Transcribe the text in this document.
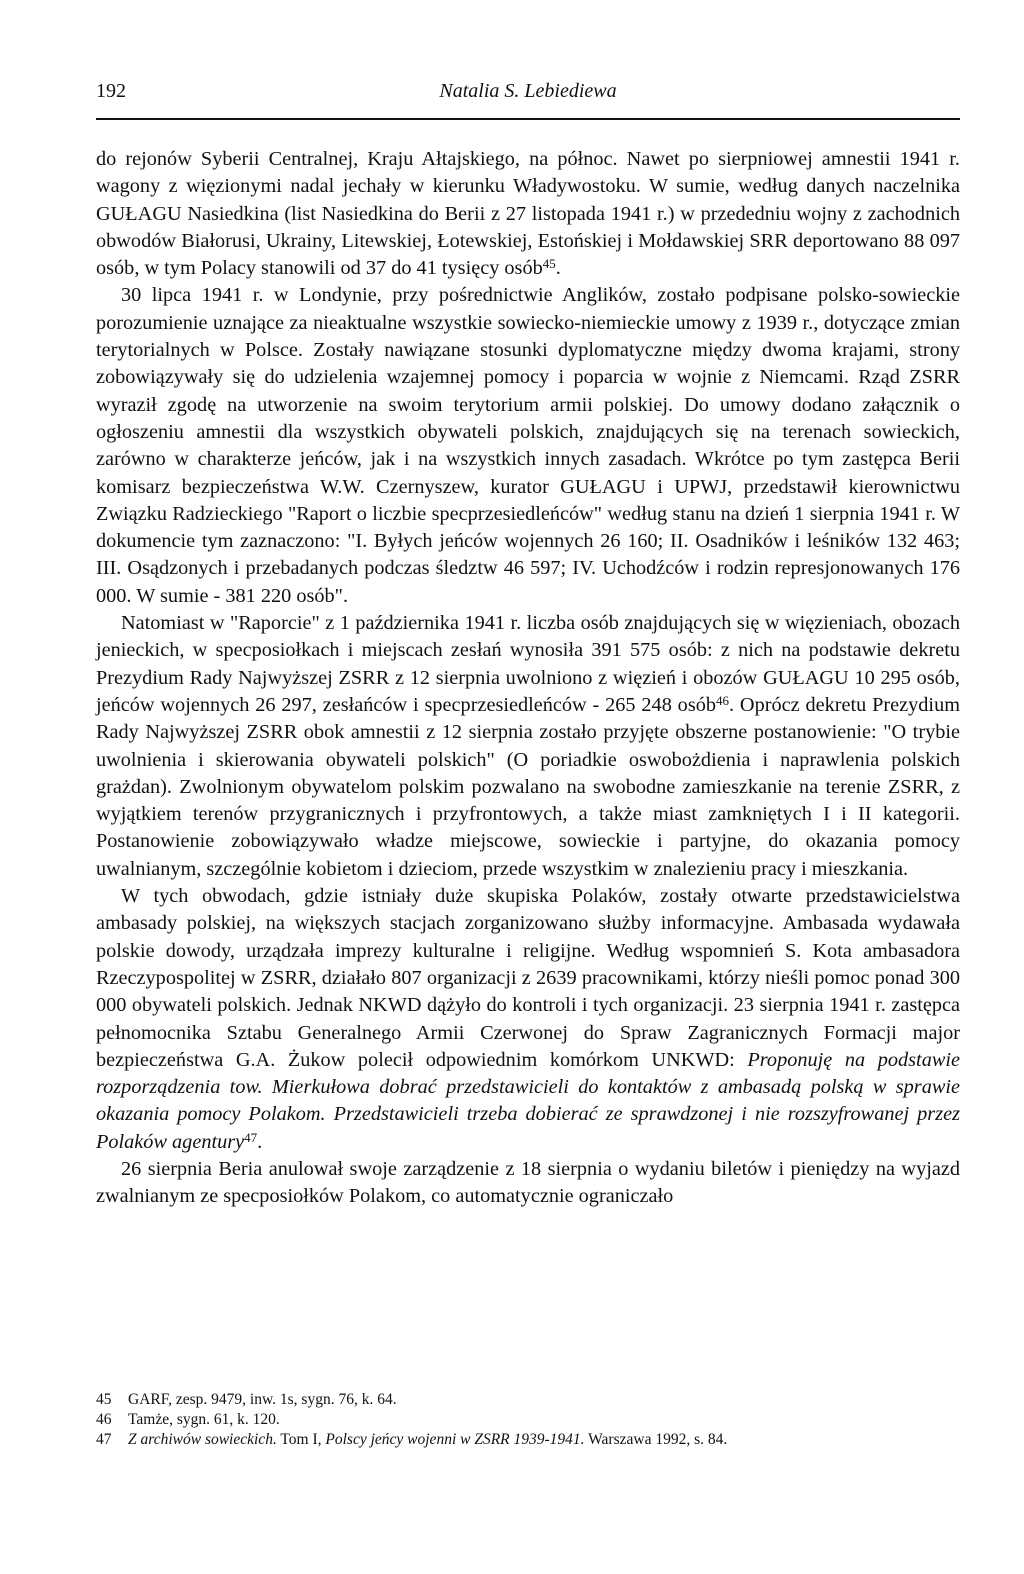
192	Natalia S. Lebiediewa

do rejonów Syberii Centralnej, Kraju Ałtajskiego, na północ. Nawet po sierpniowej amnestii 1941 r. wagony z więzionymi nadal jechały w kierunku Władywostoku. W sumie, według danych naczelnika GUŁAGU Nasiedkina (list Nasiedkina do Berii z 27 listopada 1941 r.) w przededniu wojny z zachodnich obwodów Białorusi, Ukrainy, Litewskiej, Łotewskiej, Estońskiej i Mołdawskiej SRR deportowano 88 097 osób, w tym Polacy stanowili od 37 do 41 tysięcy osób$^{45}$.

30 lipca 1941 r. w Londynie, przy pośrednictwie Anglików, zostało podpisane polsko-sowieckie porozumienie uznające za nieaktualne wszystkie sowiecko-niemieckie umowy z 1939 r., dotyczące zmian terytorialnych w Polsce. Zostały nawiązane stosunki dyplomatyczne między dwoma krajami, strony zobowiązywały się do udzielenia wzajemnej pomocy i poparcia w wojnie z Niemcami. Rząd ZSRR wyraził zgodę na utworzenie na swoim terytorium armii polskiej. Do umowy dodano załącznik o ogłoszeniu amnestii dla wszystkich obywateli polskich, znajdujących się na terenach sowieckich, zarówno w charakterze jeńców, jak i na wszystkich innych zasadach. Wkrótce po tym zastępca Berii komisarz bezpieczeństwa W.W. Czernyszew, kurator GUŁAGU i UPWJ, przedstawił kierownictwu Związku Radzieckiego "Raport o liczbie specprzesiedleńców" według stanu na dzień 1 sierpnia 1941 r. W dokumencie tym zaznaczono: "I. Byłych jeńców wojennych 26 160; II. Osadników i leśników 132 463; III. Osądzonych i przebadanych podczas śledztw 46 597; IV. Uchodźców i rodzin represjonowanych 176 000. W sumie - 381 220 osób".

Natomiast w "Raporcie" z 1 października 1941 r. liczba osób znajdujących się w więzieniach, obozach jenieckich, w specposiołkach i miejscach zesłań wynosiła 391 575 osób: z nich na podstawie dekretu Prezydium Rady Najwyższej ZSRR z 12 sierpnia uwolniono z więzień i obozów GUŁAGU 10 295 osób, jeńców wojennych 26 297, zesłańców i specprzesiedleńców - 265 248 osób$^{46}$. Oprócz dekretu Prezydium Rady Najwyższej ZSRR obok amnestii z 12 sierpnia zostało przyjęte obszerne postanowienie: "O trybie uwolnienia i skierowania obywateli polskich" (O poriadkie oswobożdienia i naprawlenia polskich grażdan). Zwolnionym obywatelom polskim pozwalano na swobodne zamieszkanie na terenie ZSRR, z wyjątkiem terenów przygranicznych i przyfrontowych, a także miast zamkniętych I i II kategorii. Postanowienie zobowiązywało władze miejscowe, sowieckie i partyjne, do okazania pomocy uwalnianym, szczególnie kobietom i dzieciom, przede wszystkim w znalezieniu pracy i mieszkania.

W tych obwodach, gdzie istniały duże skupiska Polaków, zostały otwarte przedstawicielstwa ambasady polskiej, na większych stacjach zorganizowano służby informacyjne. Ambasada wydawała polskie dowody, urządzała imprezy kulturalne i religijne. Według wspomnień S. Kota ambasadora Rzeczypospolitej w ZSRR, działało 807 organizacji z 2639 pracownikami, którzy nieśli pomoc ponad 300 000 obywateli polskich. Jednak NKWD dążyło do kontroli i tych organizacji. 23 sierpnia 1941 r. zastępca pełnomocnika Sztabu Generalnego Armii Czerwonej do Spraw Zagranicznych Formacji major bezpieczeństwa G.A. Żukow polecił odpowiednim komórkom UNKWD: Proponuję na podstawie rozporządzenia tow. Mierkułowa dobrać przedstawicieli do kontaktów z ambasadą polską w sprawie okazania pomocy Polakom. Przedstawicieli trzeba dobierać ze sprawdzonej i nie rozszyfrowanej przez Polaków agentury$^{47}$.

26 sierpnia Beria anulował swoje zarządzenie z 18 sierpnia o wydaniu biletów i pieniędzy na wyjazd zwalnianym ze specposiołków Polakom, co automatycznie ograniczało

45 GARF, zesp. 9479, inw. 1s, sygn. 76, k. 64.
46 Tamże, sygn. 61, k. 120.
47 Z archiwów sowieckich. Tom I, Polscy jeńcy wojenni w ZSRR 1939-1941. Warszawa 1992, s. 84.
